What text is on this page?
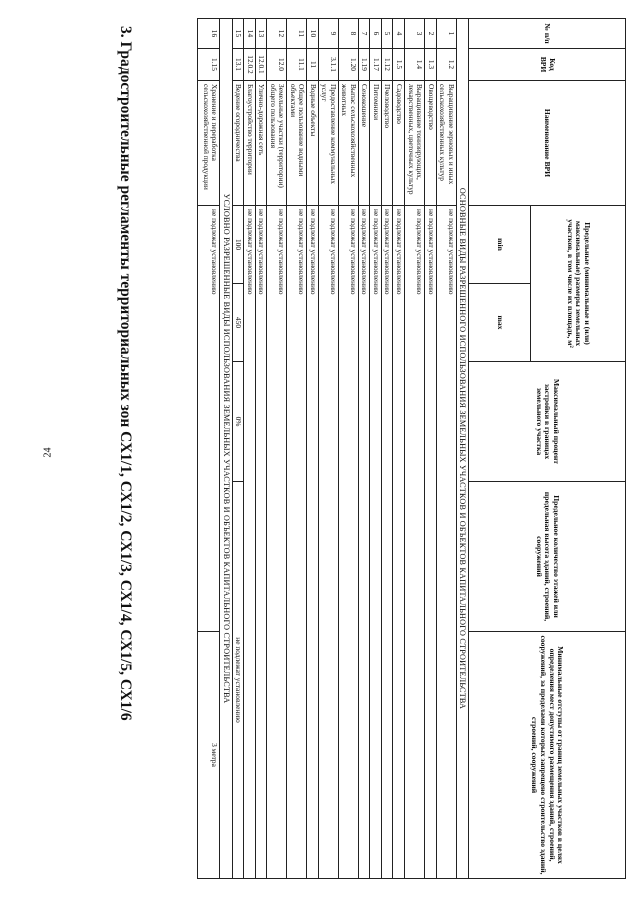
24	3. Градостроительные регламенты территориальных зон СХ1/1, СХ1/2, СХ1/3, СХ1/4, СХ1/5, СХ1/6	№ п/п	Код ВРИ	Наименование ВРИ	Предельные (минимальные и (или) максимальные) размеры земельных участков, в том числе их площадь, м²		Максимальный процент застройки в границах земельного участка	Предельное количество этажей или предельная высота зданий, строений, сооружений	Минимальные отступы от границ земельных участков в целях определения мест допустимого размещения зданий, строений, сооружений, за пределами которых запрещено строительство зданий, строений, сооружений
			min	max			
ОСНОВНЫЕ ВИДЫ РАЗРЕШЕННОГО ИСПОЛЬЗОВАНИЯ ЗЕМЕЛЬНЫХ УЧАСТКОВ И ОБЪЕКТОВ КАПИТАЛЬНОГО СТРОИТЕЛЬСТВА							
1	1.2	Выращивание зерновых и иных сельскохозяйственных культур	не подлежат установлению				
2	1.3	Овощеводство	не подлежат установлению				
3	1.4	Выращивание тонизирующих, лекарственных, цветочных культур	не подлежат установлению				
4	1.5	Садоводство	не подлежат установлению				
5	1.12	Пчеловодство	не подлежат установлению				
6	1.17	Питомники	не подлежат установлению				
7	1.19	Сенокошение	не подлежат установлению				
8	1.20	Выпас сельскохозяйственных животных	не подлежат установлению				
9	3.1.1	Предоставление коммунальных услуг	не подлежат установлению				
10	11	Водные объекты	не подлежат установлению				
11	11.1	Общее пользование водными объектами	не подлежат установлению				
12	12.0	Земельные участки (территории) общего пользования	не подлежат установлению				
13	12.0.1	Улично-дорожная сеть	не подлежат установлению				
14	12.0.2	Благоустройство территории	не подлежат установлению				
15	13.1	Ведение огородничества	100	450	0%	не подлежат установлению	
УСЛОВНО РАЗРЕШЕННЫЕ ВИДЫ ИСПОЛЬЗОВАНИЯ ЗЕМЕЛЬНЫХ УЧАСТКОВ И ОБЪЕКТОВ КАПИТАЛЬНОГО СТРОИТЕЛЬСТВА							
16	1.15	Хранение и переработка сельскохозяйственной продукции	не подлежат установлению				3 метра
